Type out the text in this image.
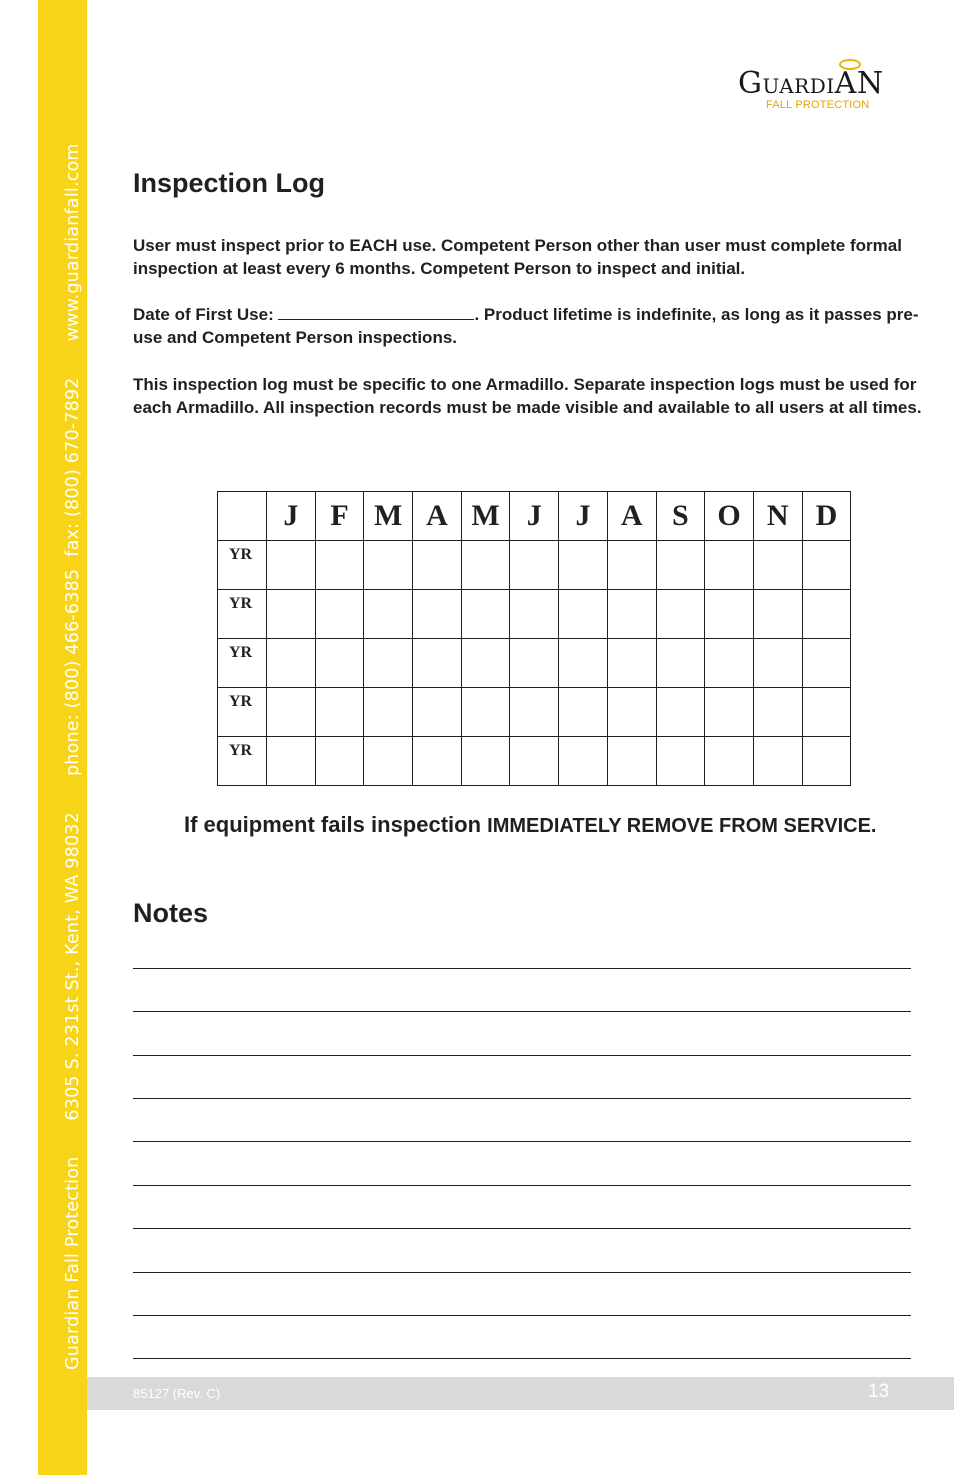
Guardian Fall Protection6305 S. 231st St., Kent, WA 98032phone: (800) 466-6385fax: (800) 670-7892www.guardianfall.com
GUARDIAN
FALL PROTECTION
Inspection Log

User must inspect prior to EACH use. Competent Person other than user must complete formal inspection at least every 6 months. Competent Person to inspect and initial.

Date of First Use:	. Product lifetime is indefinite, as long as it passes pre-use and Competent Person inspections.

This inspection log must be specific to one Armadillo. Separate inspection logs must be used for each Armadillo. All inspection records must be made visible and available to all users at all times.

	J	F	M	A	M	J	J	A	S	O	N	D
YR												
YR												
YR												
YR												
YR												
If equipment fails inspection IMMEDIATELY REMOVE FROM SERVICE.
Notes
85127 (Rev. C)	13
